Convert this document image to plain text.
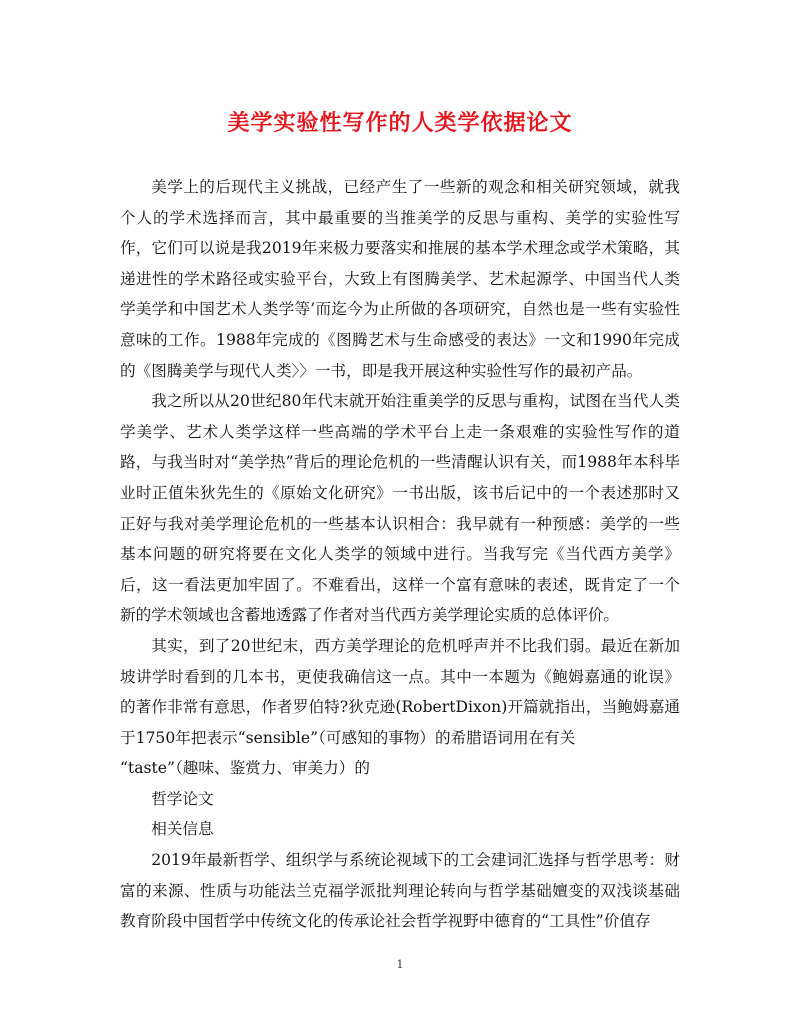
美学实验性写作的人类学依据论文

美学上的后现代主义挑战，已经产生了一些新的观念和相关研究领域，就我个人的学术选择而言，其中最重要的当推美学的反思与重构、美学的实验性写作，它们可以说是我2019年来极力要落实和推展的基本学术理念或学术策略，其递进性的学术路径或实验平台，大致上有图腾美学、艺术起源学、中国当代人类学美学和中国艺术人类学等’而迄今为止所做的各项研究，自然也是一些有实验性意味的工作。1988年完成的《图腾艺术与生命感受的表达》一文和1990年完成的《图腾美学与现代人类〉〉一书，即是我开展这种实验性写作的最初产品。

我之所以从20世纪80年代末就开始注重美学的反思与重构，试图在当代人类学美学、艺术人类学这样一些高端的学术平台上走一条艰难的实验性写作的道路，与我当时对“美学热”背后的理论危机的一些清醒认识有关，而1988年本科毕业时正值朱狄先生的《原始文化研究》一书出版，该书后记中的一个表述那时又正好与我对美学理论危机的一些基本认识相合：我早就有一种预感：美学的一些基本问题的研究将要在文化人类学的领域中进行。当我写完《当代西方美学》后，这一看法更加牢固了。不难看出，这样一个富有意味的表述，既肯定了一个新的学术领域也含蓄地透露了作者对当代西方美学理论实质的总体评价。

其实，到了20世纪末，西方美学理论的危机呼声并不比我们弱。最近在新加坡讲学时看到的几本书，更使我确信这一点。其中一本题为《鲍姆嘉通的讹误》的著作非常有意思，作者罗伯特?狄克逊(RobertDixon)开篇就指出，当鲍姆嘉通于1750年把表示“sensible”（可感知的事物）的希腊语词用在有关

“taste”（趣味、鉴赏力、审美力）的

哲学论文

相关信息

2019年最新哲学、组织学与系统论视域下的工会建词汇选择与哲学思考：财富的来源、性质与功能法兰克福学派批判理论转向与哲学基础嬗变的双浅谈基础教育阶段中国哲学中传统文化的传承论社会哲学视野中德育的“工具性”价值存

1
